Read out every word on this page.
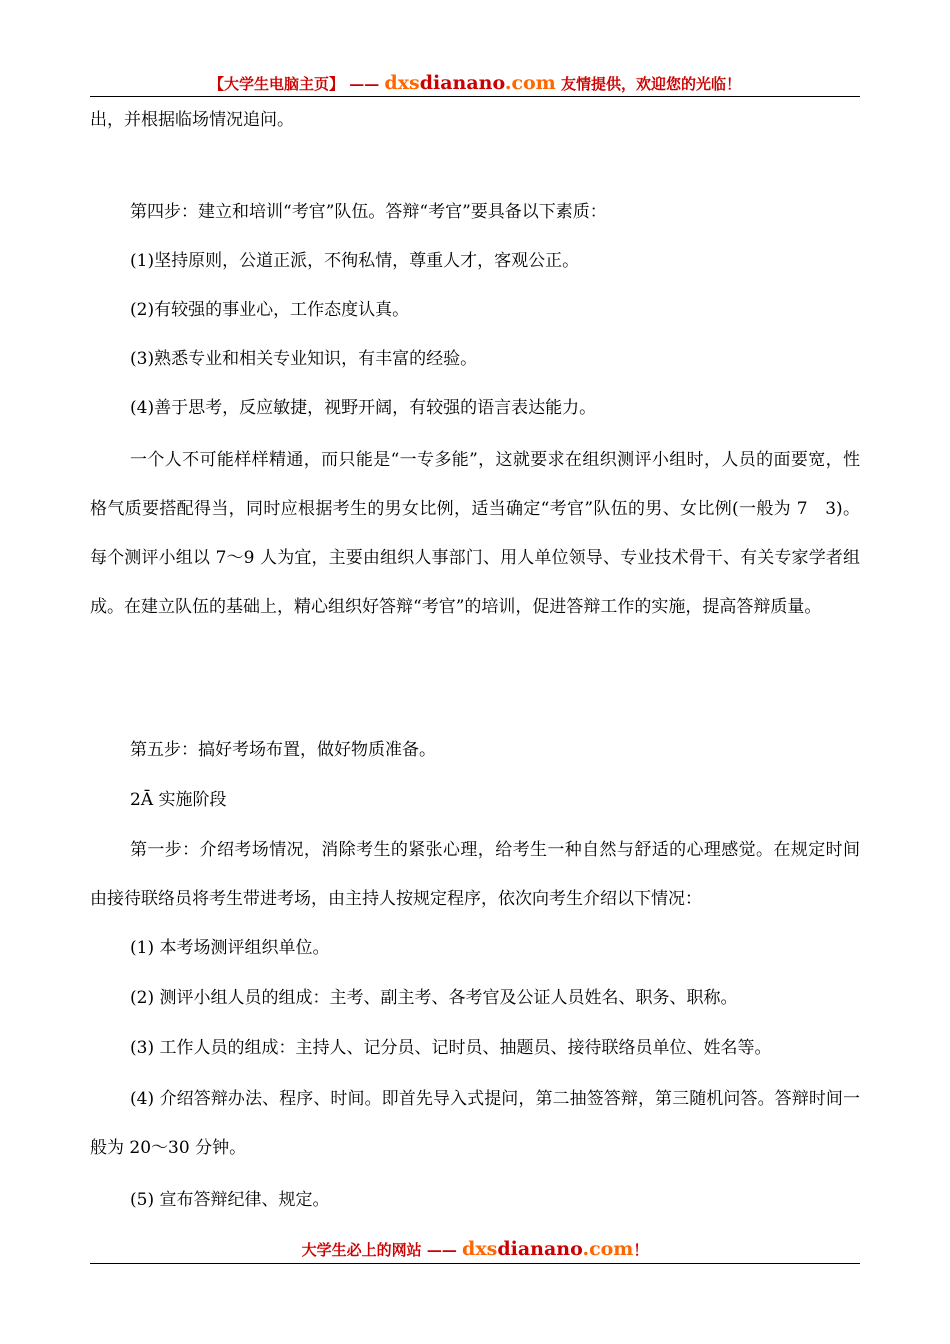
【大学生电脑主页】 —— dxsdianano.com 友情提供，欢迎您的光临！

出，并根据临场情况追问。

第四步：建立和培训“考官”队伍。答辩“考官”要具备以下素质：

(1)坚持原则，公道正派，不徇私情，尊重人才，客观公正。

(2)有较强的事业心，工作态度认真。

(3)熟悉专业和相关专业知识，有丰富的经验。

(4)善于思考，反应敏捷，视野开阔，有较强的语言表达能力。

一个人不可能样样精通，而只能是“一专多能”，这就要求在组织测评小组时，人员的面要宽，性格气质要搭配得当，同时应根据考生的男女比例，适当确定“考官”队伍的男、女比例(一般为 7　3)。每个测评小组以 7～9 人为宜，主要由组织人事部门、用人单位领导、专业技术骨干、有关专家学者组成。在建立队伍的基础上，精心组织好答辩“考官”的培训，促进答辩工作的实施，提高答辩质量。

第五步：搞好考场布置，做好物质准备。

2Ā 实施阶段

第一步：介绍考场情况，消除考生的紧张心理，给考生一种自然与舒适的心理感觉。在规定时间由接待联络员将考生带进考场，由主持人按规定程序，依次向考生介绍以下情况：

(1) 本考场测评组织单位。

(2) 测评小组人员的组成：主考、副主考、各考官及公证人员姓名、职务、职称。

(3) 工作人员的组成：主持人、记分员、记时员、抽题员、接待联络员单位、姓名等。

(4) 介绍答辩办法、程序、时间。即首先导入式提问，第二抽签答辩，第三随机问答。答辩时间一般为 20～30 分钟。

(5) 宣布答辩纪律、规定。

大学生必上的网站 —— dxsdianano.com！
